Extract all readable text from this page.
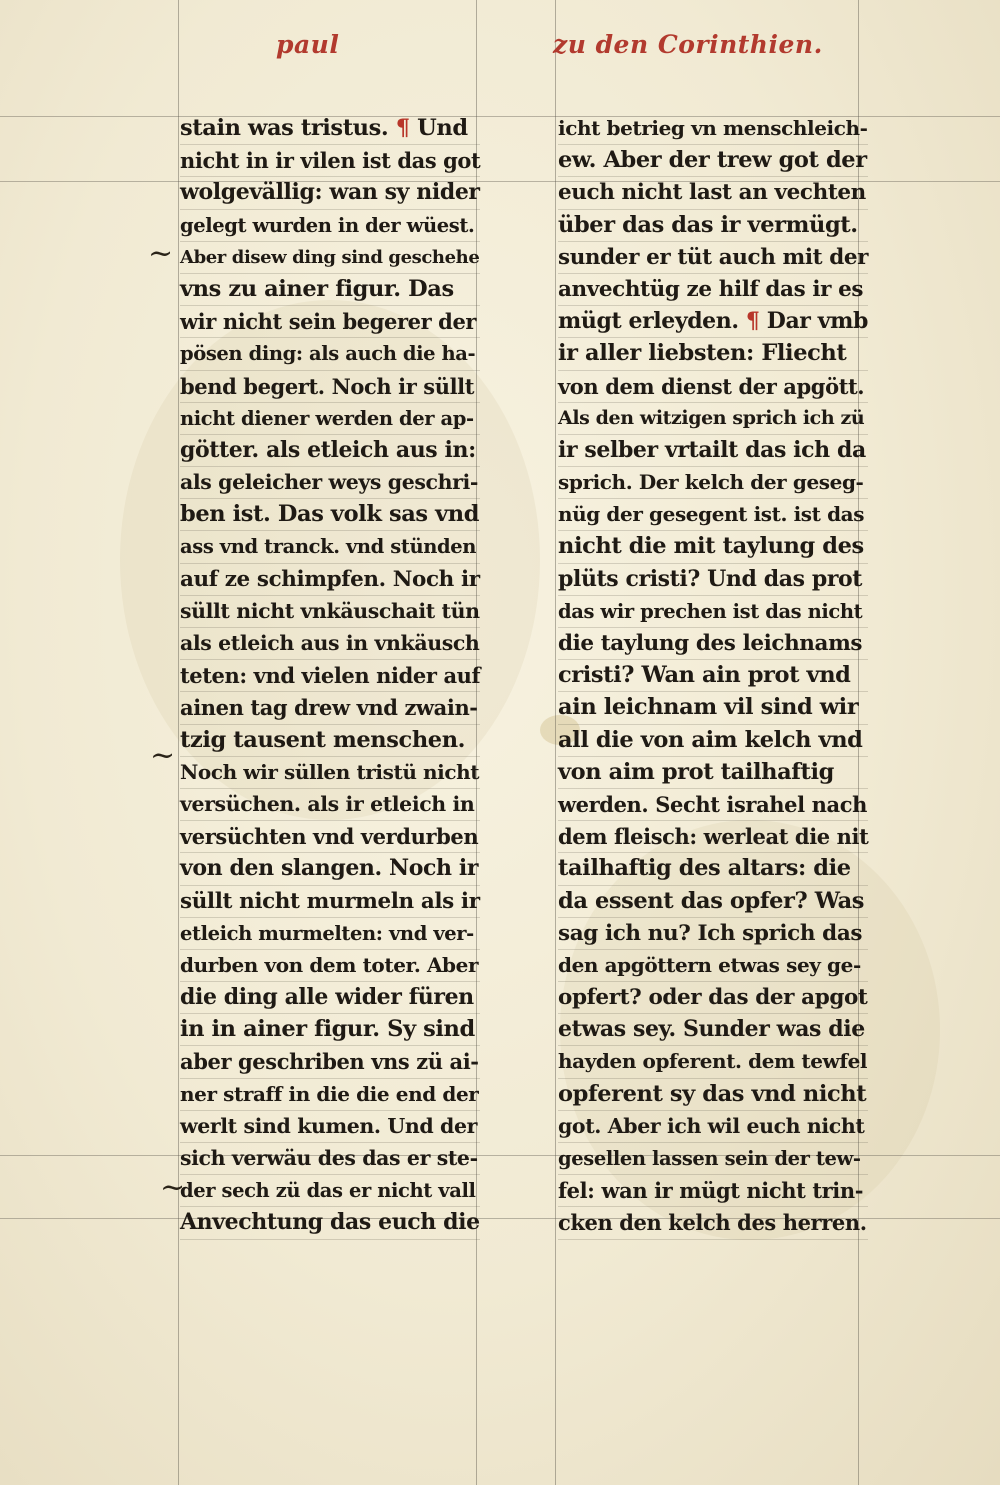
paul	zu den Corinthien.
~
~
~
stain was tristus. ¶ Und
nicht in ir vilen ist das got
wolgevällig: wan sy nider
gelegt wurden in der wüest.
Aber disew ding sind geschehe
vns zu ainer figur. Das
wir nicht sein begerer der
pösen ding: als auch die ha-
bend begert. Noch ir süllt
nicht diener werden der ap-
götter. als etleich aus in:
als geleicher weys geschri-
ben ist. Das volk sas vnd
ass vnd tranck. vnd stünden
auf ze schimpfen. Noch ir
süllt nicht vnkäuschait tün
als etleich aus in vnkäusch
teten: vnd vielen nider auf
ainen tag drew vnd zwain-
tzig tausent menschen.
Noch wir süllen tristü nicht
versüchen. als ir etleich in
versüchten vnd verdurben
von den slangen. Noch ir
süllt nicht murmeln als ir
etleich murmelten: vnd ver-
durben von dem toter. Aber
die ding alle wider füren
in in ainer figur. Sy sind
aber geschriben vns zü ai-
ner straff in die die end der
werlt sind kumen. Und der
sich verwäu des das er ste-
der sech zü das er nicht vall
Anvechtung das euch die
icht betrieg vn menschleich-
ew. Aber der trew got der
euch nicht last an vechten
über das das ir vermügt.
sunder er tüt auch mit der
anvechtüg ze hilf das ir es
mügt erleyden. ¶ Dar vmb
ir aller liebsten: Fliecht
von dem dienst der apgött.
Als den witzigen sprich ich zü
ir selber vrtailt das ich da
sprich. Der kelch der geseg-
nüg der gesegent ist. ist das
nicht die mit taylung des
plüts cristi? Und das prot
das wir prechen ist das nicht
die taylung des leichnams
cristi? Wan ain prot vnd
ain leichnam vil sind wir
all die von aim kelch vnd
von aim prot tailhaftig
werden. Secht israhel nach
dem fleisch: werleat die nit
tailhaftig des altars: die
da essent das opfer? Was
sag ich nu? Ich sprich das
den apgöttern etwas sey ge-
opfert? oder das der apgot
etwas sey. Sunder was die
hayden opferent. dem tewfel
opferent sy das vnd nicht
got. Aber ich wil euch nicht
gesellen lassen sein der tew-
fel: wan ir mügt nicht trin-
cken den kelch des herren.
